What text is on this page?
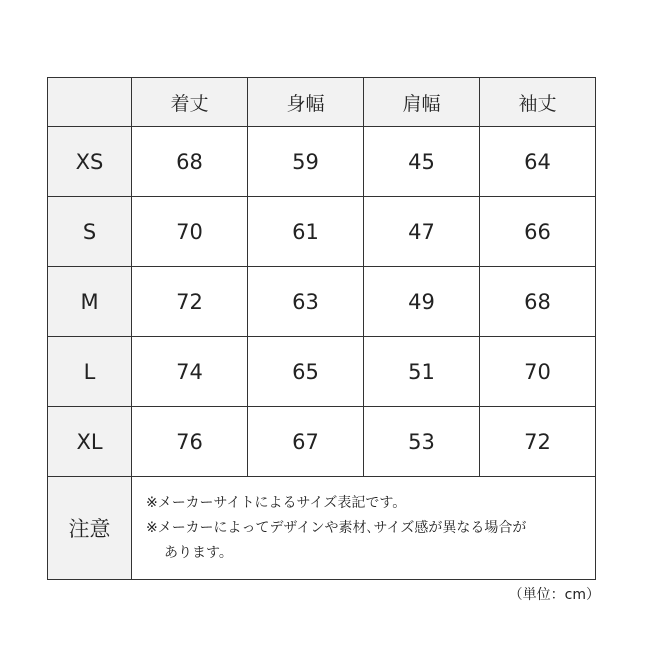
	着丈	身幅	肩幅	袖丈
XS	68	59	45	64
S	70	61	47	66
M	72	63	49	68
L	74	65	51	70
XL	76	67	53	72
注意	※メーカーサイトによるサイズ表記です。
※メーカーによってデザインや素材､サイズ感が異なる場合が
あります。			
（単位：cm）
